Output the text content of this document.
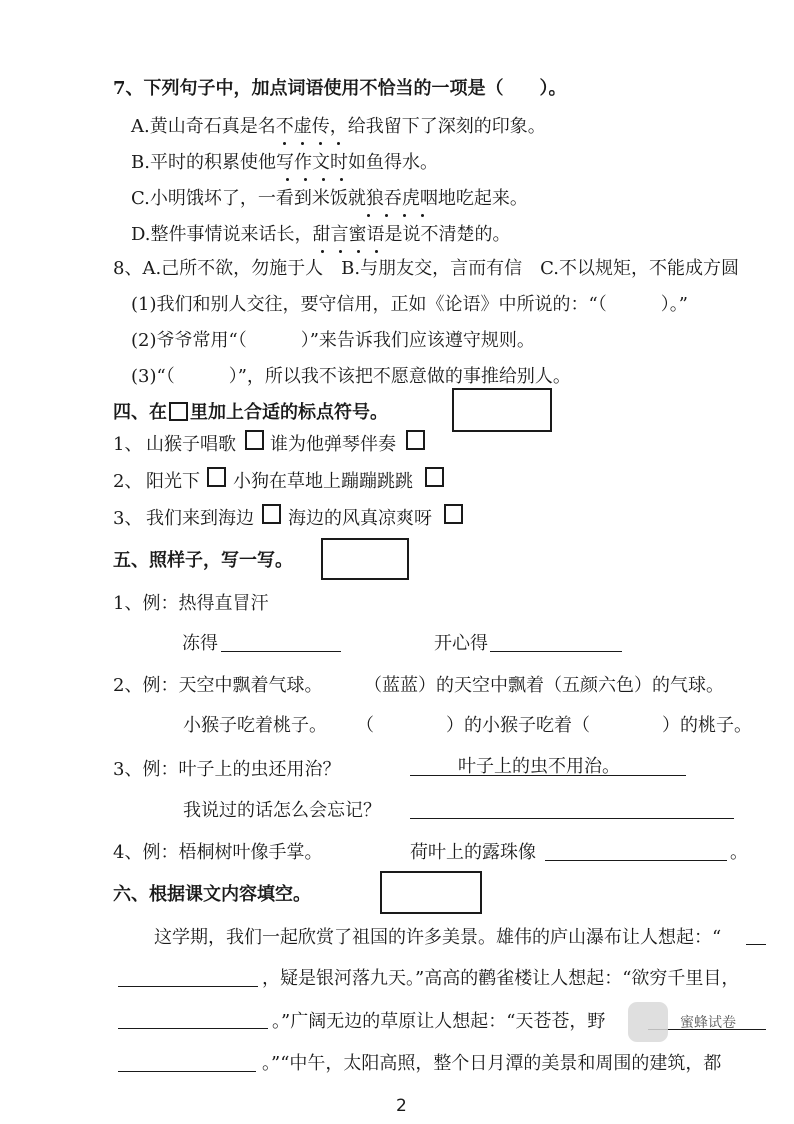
7、下列句子中，加点词语使用不恰当的一项是（　　）。
A.黄山奇石真是名不虚传，给我留下了深刻的印象。
B.平时的积累使他写作文时如鱼得水。
C.小明饿坏了，一看到米饭就狼吞虎咽地吃起来。
D.整件事情说来话长，甜言蜜语是说不清楚的。
8、A.己所不欲，勿施于人　B.与朋友交，言而有信　C.不以规矩，不能成方圆
(1)我们和别人交往，要守信用，正如《论语》中所说的：“（　　　）。”
(2)爷爷常用“（　　　）”来告诉我们应该遵守规则。
(3)“（　　　）”，所以我不该把不愿意做的事推给别人。
四、在 里加上合适的标点符号。
1、 山猴子唱歌 谁为他弹琴伴奏
2、 阳光下 小狗在草地上蹦蹦跳跳
3、 我们来到海边 海边的风真凉爽呀
五、照样子，写一写。
1、例：热得直冒汗
冻得	开心得
2、例：天空中飘着气球。 （蓝蓝）的天空中飘着（五颜六色）的气球。
小猴子吃着桃子。 （　　　　）的小猴子吃着（　　　　）的桃子。
3、例：叶子上的虫还用治？	叶子上的虫不用治。
我说过的话怎么会忘记？
4、例：梧桐树叶像手掌。	荷叶上的露珠像	。
六、根据课文内容填空。
这学期，我们一起欣赏了祖国的许多美景。雄伟的庐山瀑布让人想起：“
，疑是银河落九天。”高高的鹳雀楼让人想起：“欲穷千里目，
。”广阔无边的草原让人想起：“天苍苍，野
。”“中午，太阳高照，整个日月潭的美景和周围的建筑，都
蜜蜂试卷
2
